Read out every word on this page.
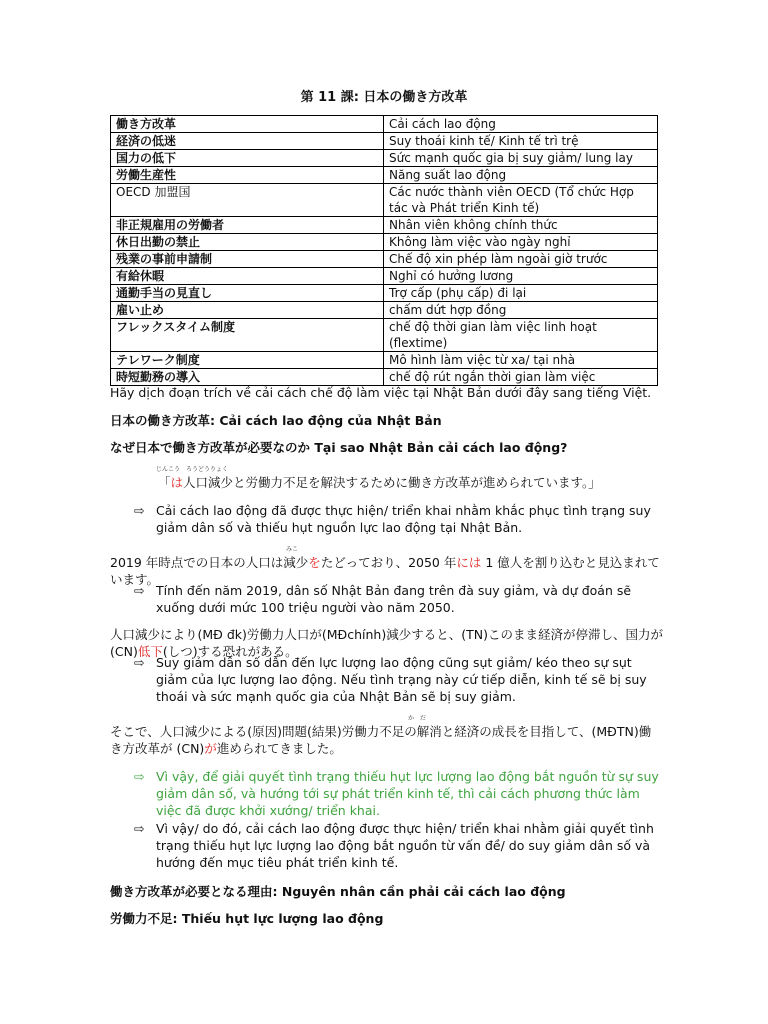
第 11 課: 日本の働き方改革
働き方改革	Cải cách lao động
経済の低迷	Suy thoái kinh tế/ Kinh tế trì trệ
国力の低下	Sức mạnh quốc gia bị suy giảm/ lung lay
労働生産性	Năng suất lao động
OECD 加盟国	Các nước thành viên OECD (Tổ chức Hợp tác và Phát triển Kinh tế)
非正規雇用の労働者	Nhân viên không chính thức
休日出勤の禁止	Không làm việc vào ngày nghỉ
残業の事前申請制	Chế độ xin phép làm ngoài giờ trước
有給休暇	Nghỉ có hưởng lương
通勤手当の見直し	Trợ cấp (phụ cấp) đi lại
雇い止め	chấm dứt hợp đồng
フレックスタイム制度	chế độ thời gian làm việc linh hoạt (flextime)
テレワーク制度	Mô hình làm việc từ xa/ tại nhà
時短勤務の導入	chế độ rút ngắn thời gian làm việc
Hãy dịch đoạn trích về cải cách chế độ làm việc tại Nhật Bản dưới đây sang tiếng Việt.
日本の働き方改革: Cải cách lao động của Nhật Bản
なぜ日本で働き方改革が必要なのか Tại sao Nhật Bản cải cách lao động?
じんこう　ろうどうりょく
「は人口減少と労働力不足を解決するために働き方改革が進められています。」
⇨ Cải cách lao động đã được thực hiện/ triển khai nhằm khắc phục tình trạng suy giảm dân số và thiếu hụt nguồn lực lao động tại Nhật Bản.
みこ
2019 年時点での日本の人口は減少をたどっており、2050 年には 1 億人を割り込むと見込まれています。
⇨ Tính đến năm 2019, dân số Nhật Bản đang trên đà suy giảm, và dự đoán sẽ xuống dưới mức 100 triệu người vào năm 2050.
人口減少により(MĐ đk)労働力人口が(MĐchính)減少すると、(TN)このまま経済が停滞し、国力が(CN)低下(しつ)する恐れがある。
⇨ Suy giảm dân số dẫn đến lực lượng lao động cũng sụt giảm/ kéo theo sự sụt giảm của lực lượng lao động. Nếu tình trạng này cứ tiếp diễn, kinh tế sẽ bị suy thoái và sức mạnh quốc gia của Nhật Bản sẽ bị suy giảm.
か　だ
そこで、人口減少による(原因)問題(結果)労働力不足の解消と経済の成長を目指して、(MĐTN)働き方改革が (CN)が進められてきました。
⇨ Vì vậy, để giải quyết tình trạng thiếu hụt lực lượng lao động bắt nguồn từ sự suy giảm dân số, và hướng tới sự phát triển kinh tế, thì cải cách phương thức làm việc đã được khởi xướng/ triển khai.
⇨ Vì vậy/ do đó, cải cách lao động được thực hiện/ triển khai nhằm giải quyết tình trạng thiếu hụt lực lượng lao động bắt nguồn từ vấn đề/ do suy giảm dân số và hướng đến mục tiêu phát triển kinh tế.
働き方改革が必要となる理由: Nguyên nhân cần phải cải cách lao động
労働力不足: Thiếu hụt lực lượng lao động
